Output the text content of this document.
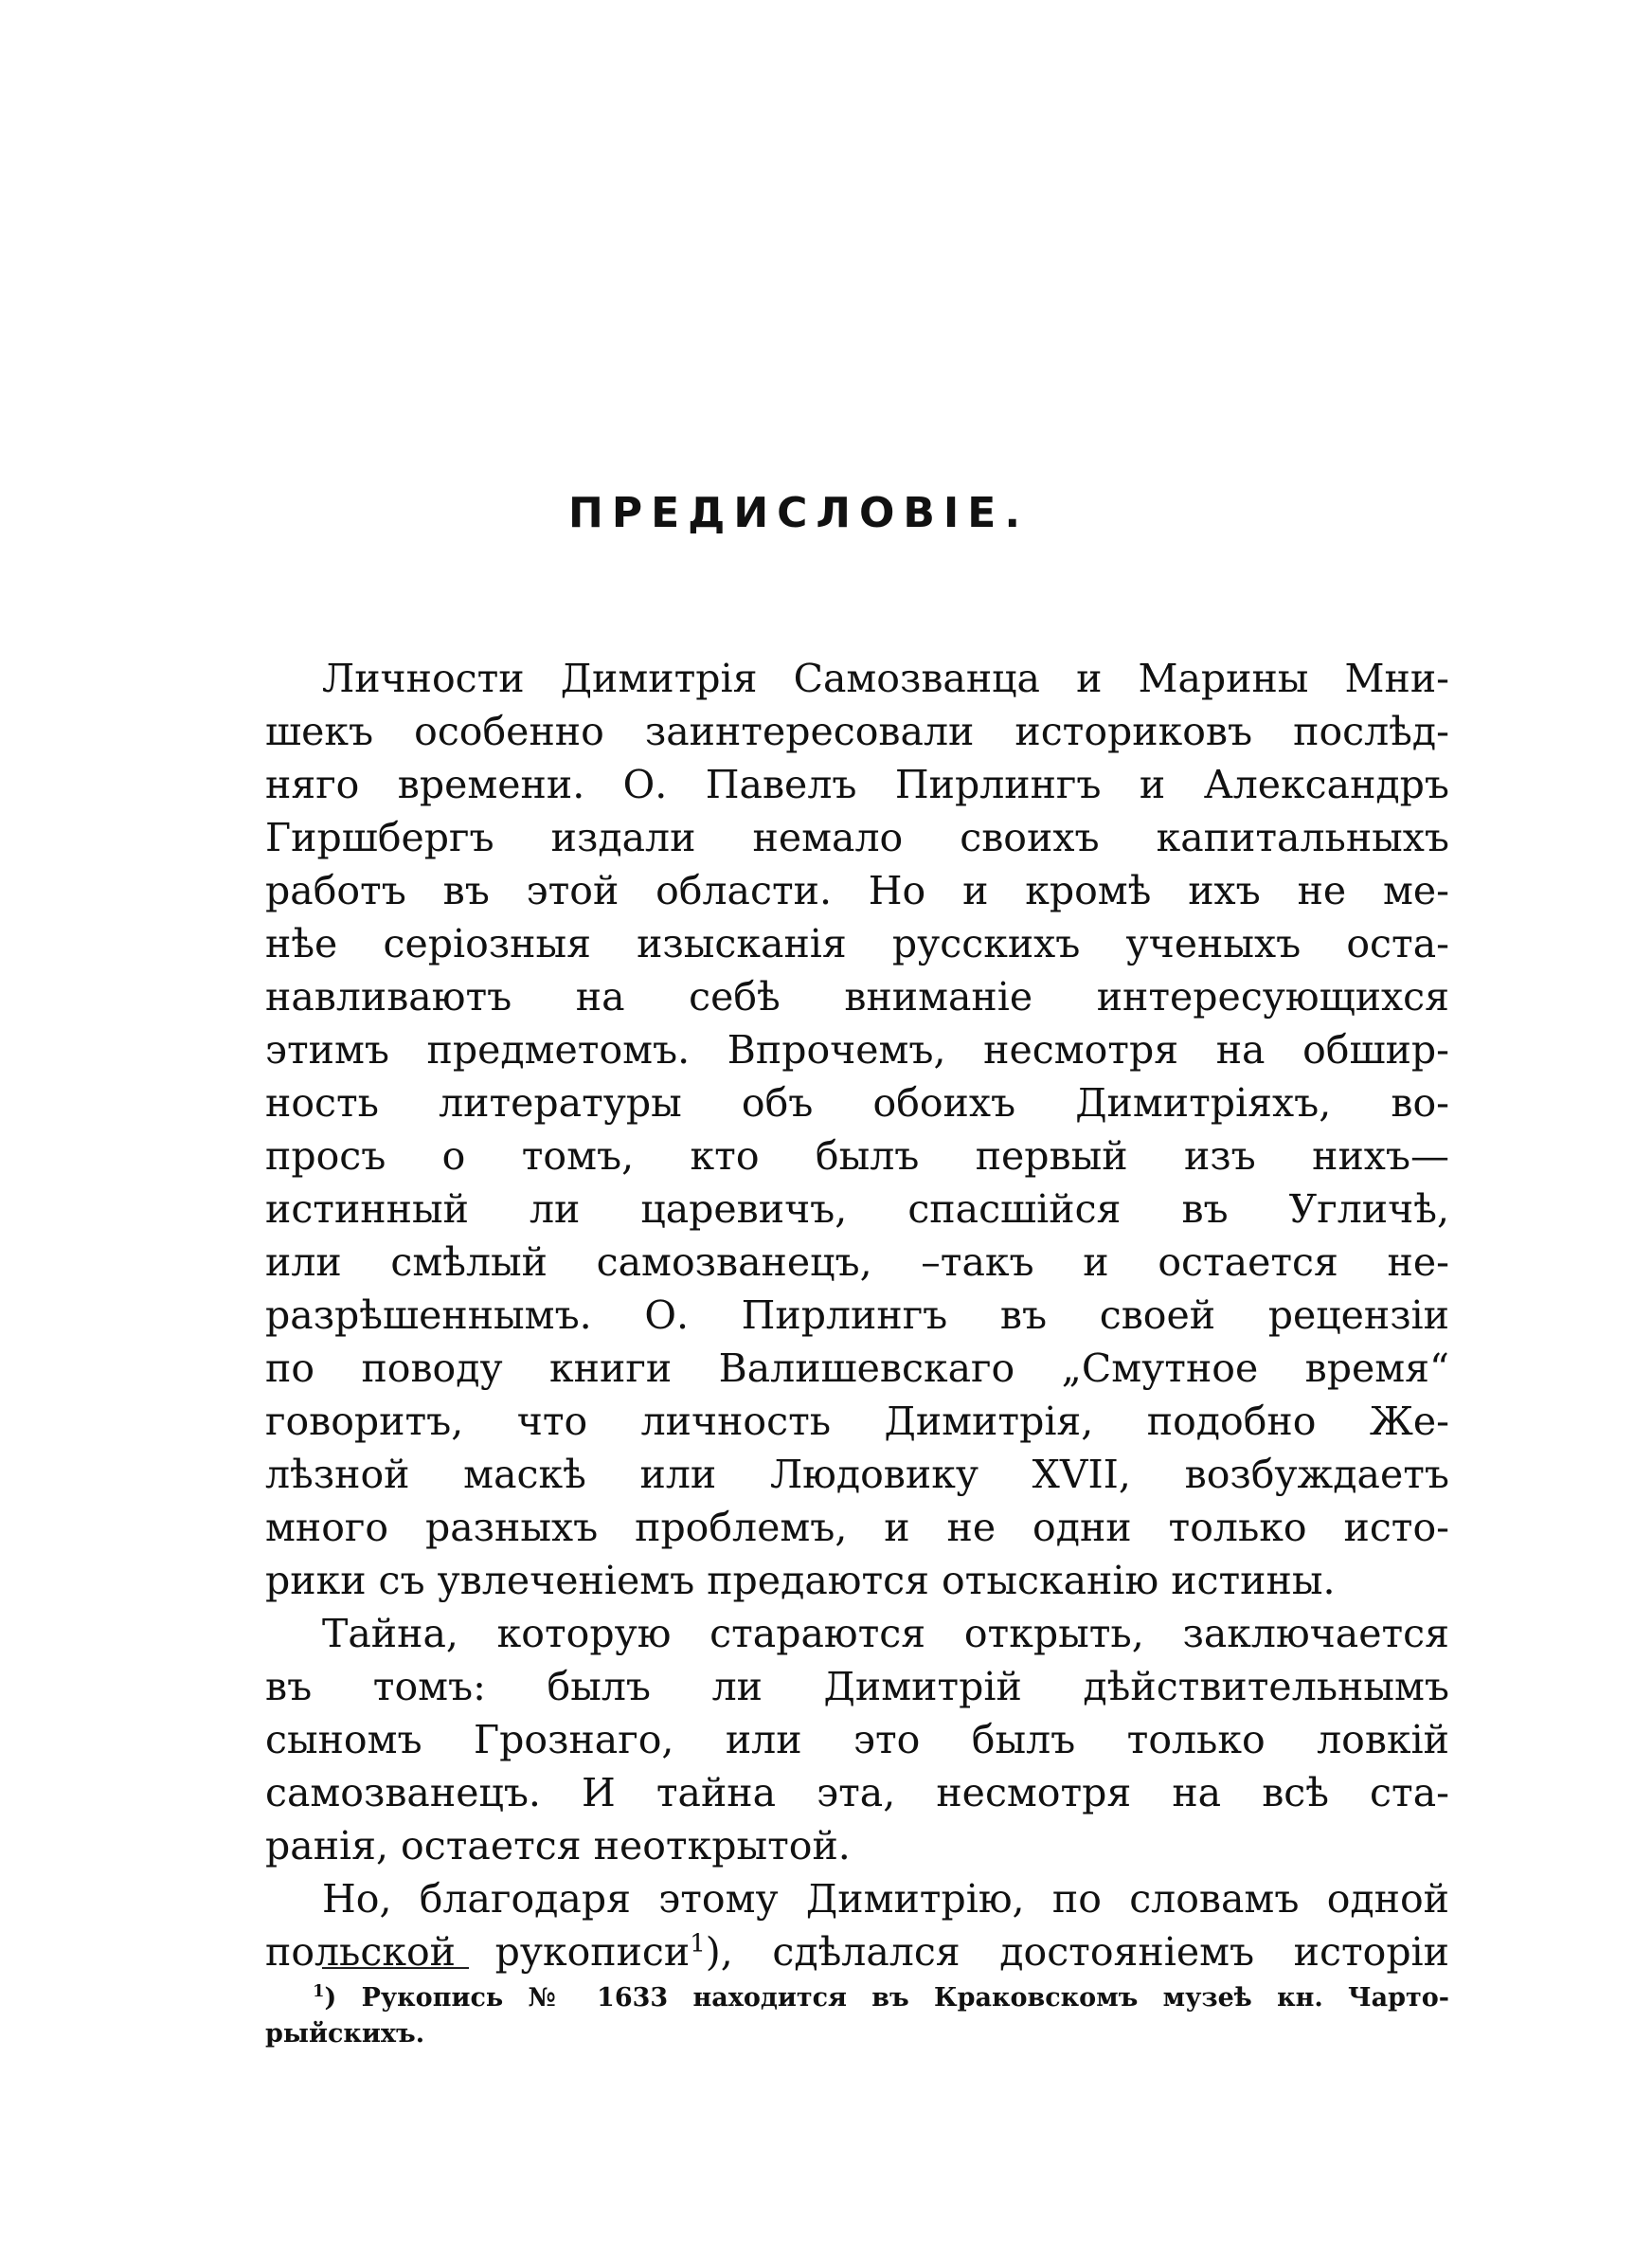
ПРЕДИСЛОВІЕ.
Личности Димитрія Самозванца и Марины Мни-
шекъ особенно заинтересовали историковъ послѣд-
няго времени. О. Павелъ Пирлингъ и Александръ
Гиршбергъ издали немало своихъ капитальныхъ
работъ въ этой области. Но и кромѣ ихъ не ме-
нѣе серіозныя изысканія русскихъ ученыхъ оста-
навливаютъ на себѣ вниманіе интересующихся
этимъ предметомъ. Впрочемъ, несмотря на обшир-
ность литературы объ обоихъ Димитріяхъ, во-
просъ о томъ, кто былъ первый изъ нихъ—
истинный ли царевичъ, спасшійся въ Угличѣ,
или смѣлый самозванецъ, –такъ и остается не-
разрѣшеннымъ. О. Пирлингъ въ своей рецензіи
по поводу книги Валишевскаго „Смутное время“
говоритъ, что личность Димитрія, подобно Же-
лѣзной маскѣ или Людовику XVII, возбуждаетъ
много разныхъ проблемъ, и не одни только исто-
рики съ увлеченіемъ предаются отысканію истины.
Тайна, которую стараются открыть, заключается
въ томъ: былъ ли Димитрій дѣйствительнымъ
сыномъ Грознаго, или это былъ только ловкій
самозванецъ. И тайна эта, несмотря на всѣ ста-
ранія, остается неоткрытой.
Но, благодаря этому Димитрію, по словамъ одной
польской рукописи$^1$), сдѣлался достояніемъ исторіи
$^1$) Рукопись № 1633 находится въ Краковскомъ музеѣ кн. Чарто-
рыйскихъ.
